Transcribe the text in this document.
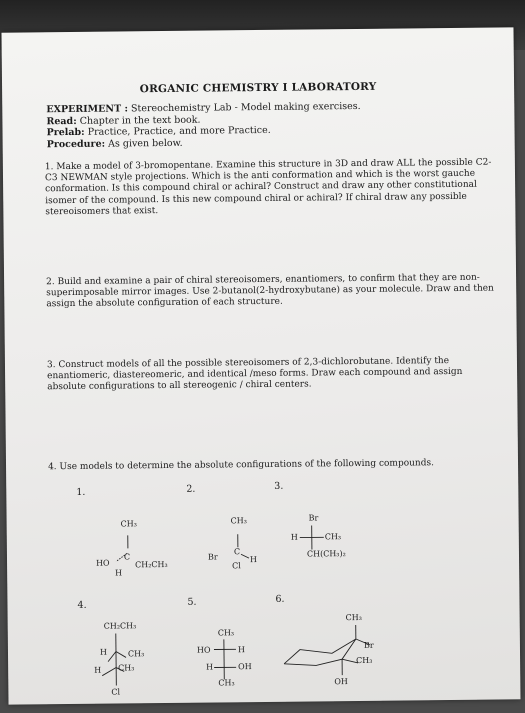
ORGANIC CHEMISTRY I LABORATORY
EXPERIMENT : Stereochemistry Lab - Model making exercises.
Read: Chapter in the text book.
Prelab: Practice, Practice, and more Practice.
Procedure: As given below.
1. Make a model of 3-bromopentane. Examine this structure in 3D and draw ALL the possible C2-C3 NEWMAN style projections. Which is the anti conformation and which is the worst gauche conformation. Is this compound chiral or achiral? Construct and draw any other constitutional isomer of the compound. Is this new compound chiral or achiral? If chiral draw any possible stereoisomers that exist.
2. Build and examine a pair of chiral stereoisomers, enantiomers, to confirm that they are non-superimposable mirror images. Use 2-butanol(2-hydroxybutane) as your molecule. Draw and then assign the absolute configuration of each structure.
3. Construct models of all the possible stereoisomers of 2,3-dichlorobutane. Identify the enantiomeric, diastereomeric, and identical /meso forms. Draw each compound and assign absolute configurations to all stereogenic / chiral centers.
4. Use models to determine the absolute configurations of the following compounds.
1.	2.	3.
4.	5.	6.
CH₃
HO
C
CH₂CH₃
H
CH₃
Br
C
H
Cl
Br
H	CH₃
CH(CH₃)₂
CH₂CH₃
H	CH₃
H CH₃
Cl
CH₃
HO	H
H	OH
CH₃
CH₃
Br
CH₃
OH
